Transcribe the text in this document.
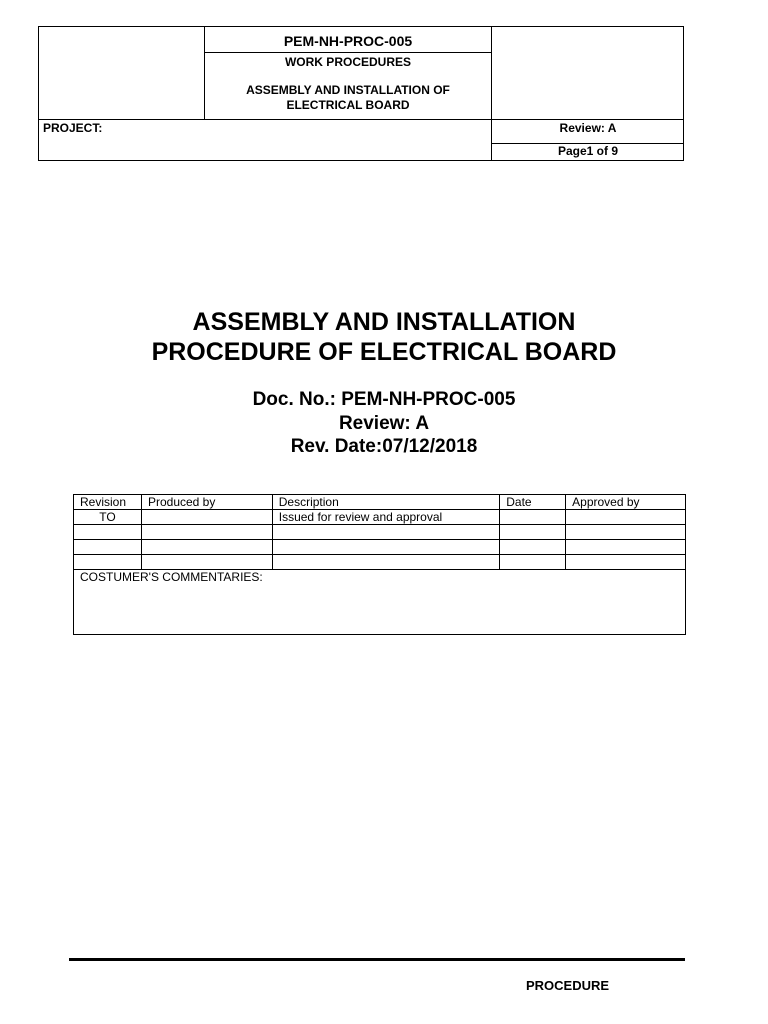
PEM-NH-PROC-005
WORK PROCEDURES
ASSEMBLY AND INSTALLATION OF
ELECTRICAL BOARD
PROJECT:	Review: A
Page1 of 9
ASSEMBLY AND INSTALLATION
PROCEDURE OF ELECTRICAL BOARD
Doc. No.: PEM-NH-PROC-005
Review: A
Rev. Date:07/12/2018
Revision	Produced by	Description	Date	Approved by
TO		Issued for review and approval		

COSTUMER'S COMMENTARIES:				
PROCEDURE
